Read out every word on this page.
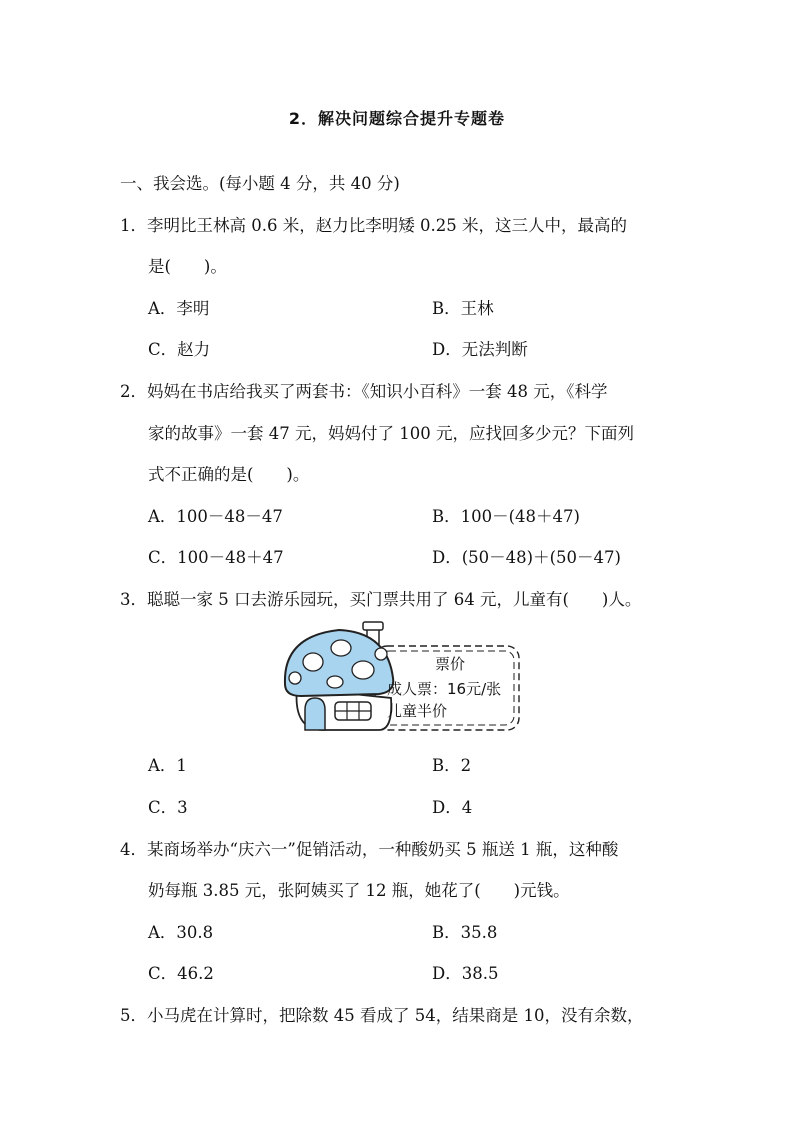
2．解决问题综合提升专题卷
一、我会选。(每小题 4 分，共 40 分)
1．李明比王林高 0.6 米，赵力比李明矮 0.25 米，这三人中，最高的
是(　　)。
A．李明	B．王林
C．赵力	D．无法判断
2．妈妈在书店给我买了两套书：《知识小百科》一套 48 元，《科学
家的故事》一套 47 元，妈妈付了 100 元，应找回多少元？下面列
式不正确的是(　　)。
A．100－48－47	B．100－(48＋47)
C．100－48＋47	D．(50－48)＋(50－47)
3．聪聪一家 5 口去游乐园玩，买门票共用了 64 元，儿童有(　　)人。
票价
成人票：16元/张
儿童半价
A．1	B．2
C．3	D．4
4．某商场举办“庆六一”促销活动，一种酸奶买 5 瓶送 1 瓶，这种酸
奶每瓶 3.85 元，张阿姨买了 12 瓶，她花了(　　)元钱。
A．30.8	B．35.8
C．46.2	D．38.5
5．小马虎在计算时，把除数 45 看成了 54，结果商是 10，没有余数，
